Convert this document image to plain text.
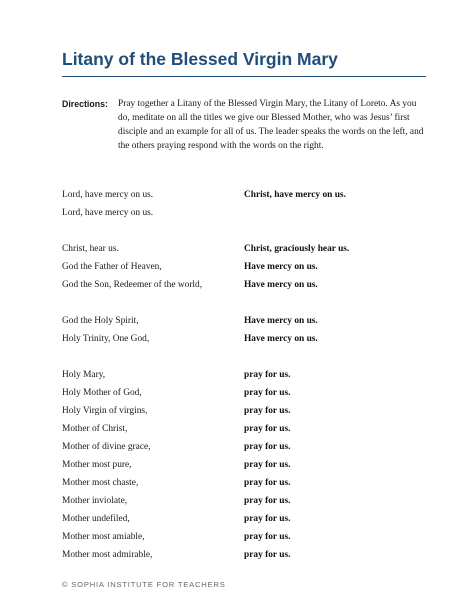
Litany of the Blessed Virgin Mary
Directions: Pray together a Litany of the Blessed Virgin Mary, the Litany of Loreto. As you do, meditate on all the titles we give our Blessed Mother, who was Jesus’ first disciple and an example for all of us. The leader speaks the words on the left, and the others praying respond with the words on the right.

Lord, have mercy on us.	Christ, have mercy on us.
Lord, have mercy on us.
Christ, hear us.	Christ, graciously hear us.
God the Father of Heaven,	Have mercy on us.
God the Son, Redeemer of the world,	Have mercy on us.
God the Holy Spirit,	Have mercy on us.
Holy Trinity, One God,	Have mercy on us.
Holy Mary,	pray for us.
Holy Mother of God,	pray for us.
Holy Virgin of virgins,	pray for us.
Mother of Christ,	pray for us.
Mother of divine grace,	pray for us.
Mother most pure,	pray for us.
Mother most chaste,	pray for us.
Mother inviolate,	pray for us.
Mother undefiled,	pray for us.
Mother most amiable,	pray for us.
Mother most admirable,	pray for us.
© SOPHIA INSTITUTE FOR TEACHERS
